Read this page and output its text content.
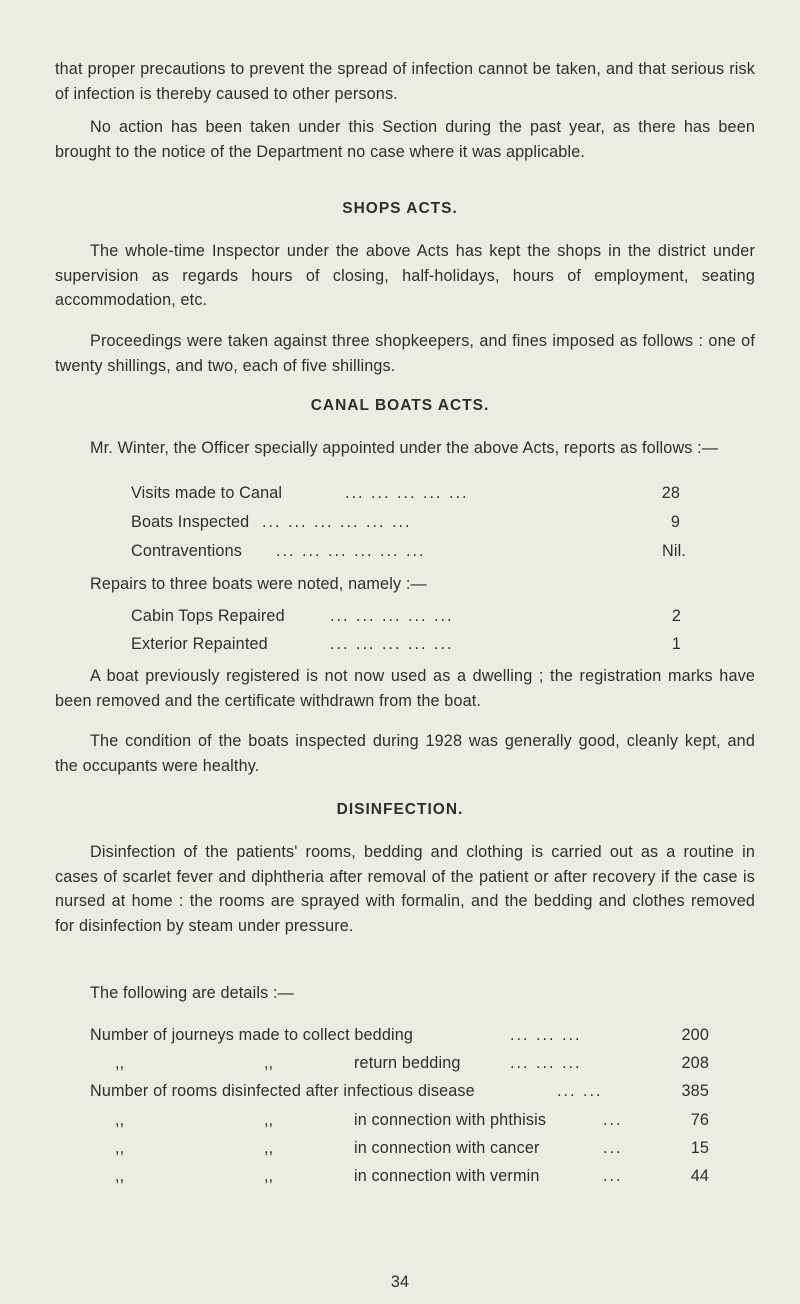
that proper precautions to prevent the spread of infection cannot be taken, and that serious risk of infection is thereby caused to other persons.

No action has been taken under this Section during the past year, as there has been brought to the notice of the Department no case where it was applicable.

SHOPS ACTS.

The whole-time Inspector under the above Acts has kept the shops in the district under supervision as regards hours of closing, half-holidays, hours of employment, seating accommodation, etc.

Proceedings were taken against three shopkeepers, and fines imposed as follows : one of twenty shillings, and two, each of five shillings.

CANAL BOATS ACTS.

Mr. Winter, the Officer specially appointed under the above Acts, reports as follows :—

Visits made to Canal	... ... ... ... ...	28
Boats Inspected ... ... ... ... ... ...	9
Contraventions ... ... ... ... ... ...	Nil.

Repairs to three boats were noted, namely :—

Cabin Tops Repaired	... ... ... ... ...	2
Exterior Repainted	... ... ... ... ...	1

A boat previously registered is not now used as a dwelling ; the registration marks have been removed and the certificate withdrawn from the boat.

The condition of the boats inspected during 1928 was generally good, cleanly kept, and the occupants were healthy.

DISINFECTION.

Disinfection of the patients' rooms, bedding and clothing is carried out as a routine in cases of scarlet fever and diphtheria after removal of the patient or after recovery if the case is nursed at home : the rooms are sprayed with formalin, and the bedding and clothes removed for disinfection by steam under pressure.

The following are details :—

Number of journeys made to collect bedding	... ... ...	200
,,	,,	return bedding	... ... ...	208
Number of rooms disinfected after infectious disease	... ...	385
,,	,,	in connection with phthisis	...	76
,,	,,	in connection with cancer	...	15
,,	,,	in connection with vermin	...	44
34
